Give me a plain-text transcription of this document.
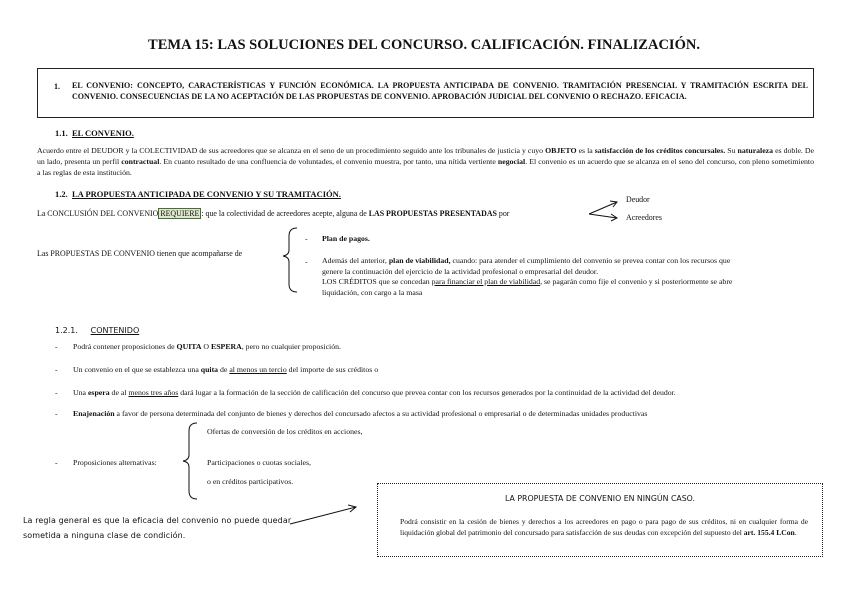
TEMA 15: LAS SOLUCIONES DEL CONCURSO. CALIFICACIÓN. FINALIZACIÓN.
1. EL CONVENIO: CONCEPTO, CARACTERÍSTICAS Y FUNCIÓN ECONÓMICA. LA PROPUESTA ANTICIPADA DE CONVENIO. TRAMITACIÓN PRESENCIAL Y TRAMITACIÓN ESCRITA DEL CONVENIO. CONSECUENCIAS DE LA NO ACEPTACIÓN DE LAS PROPUESTAS DE CONVENIO. APROBACIÓN JUDICIAL DEL CONVENIO O RECHAZO. EFICACIA.
1.1. EL CONVENIO.
Acuerdo entre el DEUDOR y la COLECTIVIDAD de sus acreedores que se alcanza en el seno de un procedimiento seguido ante los tribunales de justicia y cuyo OBJETO es la satisfacción de los créditos concursales. Su naturaleza es doble. De un lado, presenta un perfil contractual. En cuanto resultado de una confluencia de voluntades, el convenio muestra, por tanto, una nítida vertiente negocial. El convenio es un acuerdo que se alcanza en el seno del concurso, con pleno sometimiento a las reglas de esta institución.
1.2. LA PROPUESTA ANTICIPADA DE CONVENIO Y SU TRAMITACIÓN.
La CONCLUSIÓN DEL CONVENIO REQUIERE : que la colectividad de acreedores acepte, alguna de LAS PROPUESTAS PRESENTADAS por
Deudor
Acreedores
Las PROPUESTAS DE CONVENIO tienen que acompañarse de
- Plan de pagos.
- Además del anterior, plan de viabilidad, cuando: para atender el cumplimiento del convenio se prevea contar con los recursos que genere la continuación del ejercicio de la actividad profesional o empresarial del deudor.
LOS CRÉDITOS que se concedan para financiar el plan de viabilidad, se pagarán como fije el convenio y si posteriormente se abre liquidación, con cargo a la masa
1.2.1. CONTENIDO
- Podrá contener proposiciones de QUITA O ESPERA, pero no cualquier proposición.
- Un convenio en el que se establezca una quita de al menos un tercio del importe de sus créditos o
- Una espera de al menos tres años dará lugar a la formación de la sección de calificación del concurso que prevea contar con los recursos generados por la continuidad de la actividad del deudor.
- Enajenación a favor de persona determinada del conjunto de bienes y derechos del concursado afectos a su actividad profesional o empresarial o de determinadas unidades productivas
- Proposiciones alternativas:
Ofertas de conversión de los créditos en acciones,
Participaciones o cuotas sociales,
o en créditos participativos.
La regla general es que la eficacia del convenio no puede quedar
sometida a ninguna clase de condición.
LA PROPUESTA DE CONVENIO EN NINGÚN CASO.
Podrá consistir en la cesión de bienes y derechos a los acreedores en pago o para pago de sus créditos, ni en cualquier forma de liquidación global del patrimonio del concursado para satisfacción de sus deudas con excepción del supuesto del art. 155.4 LCon.
